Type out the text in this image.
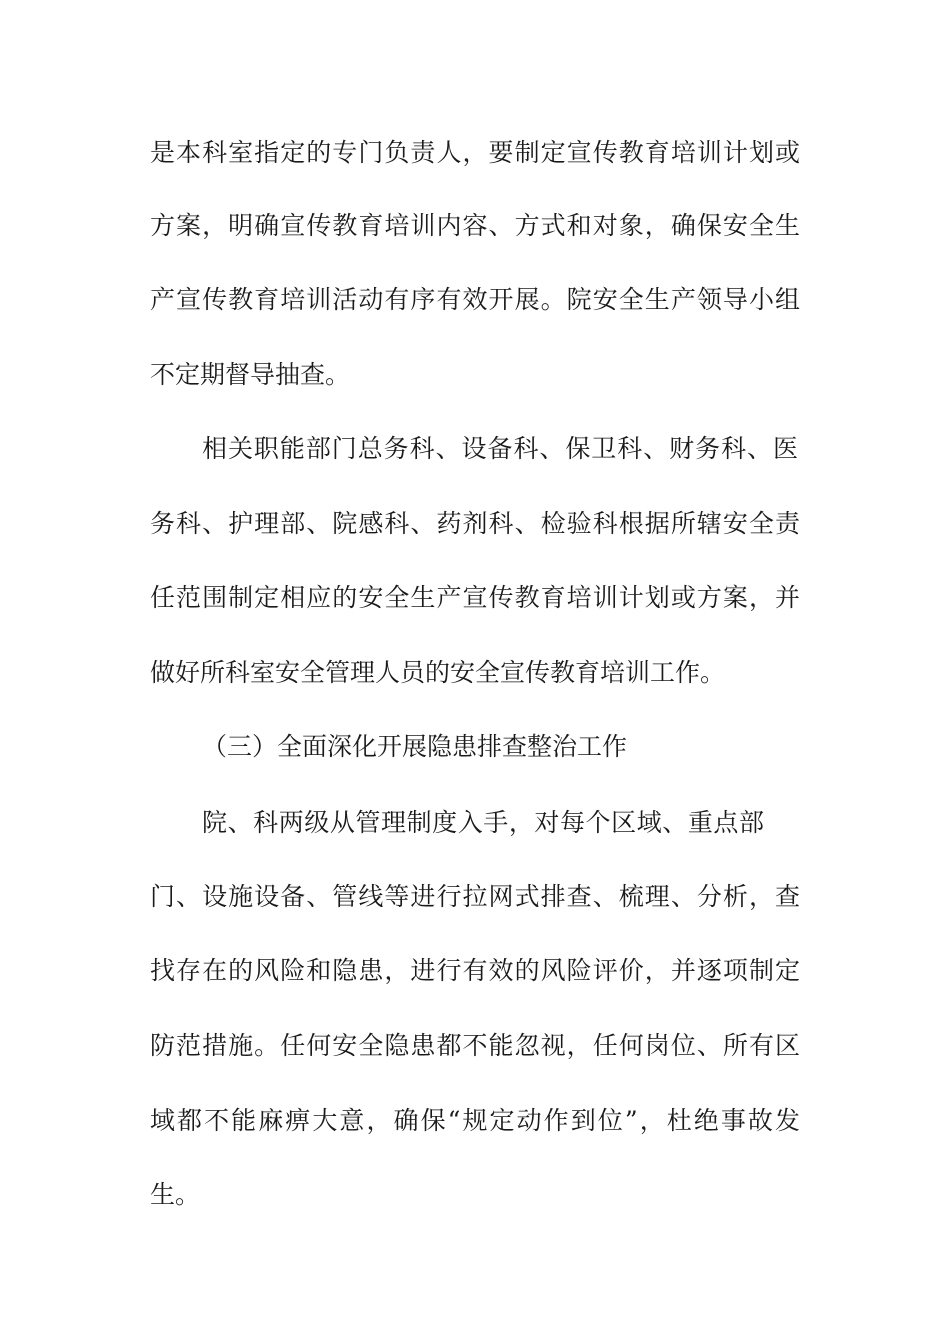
是本科室指定的专门负责人，要制定宣传教育培训计划或
方案，明确宣传教育培训内容、方式和对象，确保安全生
产宣传教育培训活动有序有效开展。院安全生产领导小组
不定期督导抽查。
相关职能部门总务科、设备科、保卫科、财务科、医
务科、护理部、院感科、药剂科、检验科根据所辖安全责
任范围制定相应的安全生产宣传教育培训计划或方案，并
做好所科室安全管理人员的安全宣传教育培训工作。
（三）全面深化开展隐患排查整治工作
院、科两级从管理制度入手，对每个区域、重点部
门、设施设备、管线等进行拉网式排查、梳理、分析，查
找存在的风险和隐患，进行有效的风险评价，并逐项制定
防范措施。任何安全隐患都不能忽视，任何岗位、所有区
域都不能麻痹大意，确保“规定动作到位”，杜绝事故发
生。
